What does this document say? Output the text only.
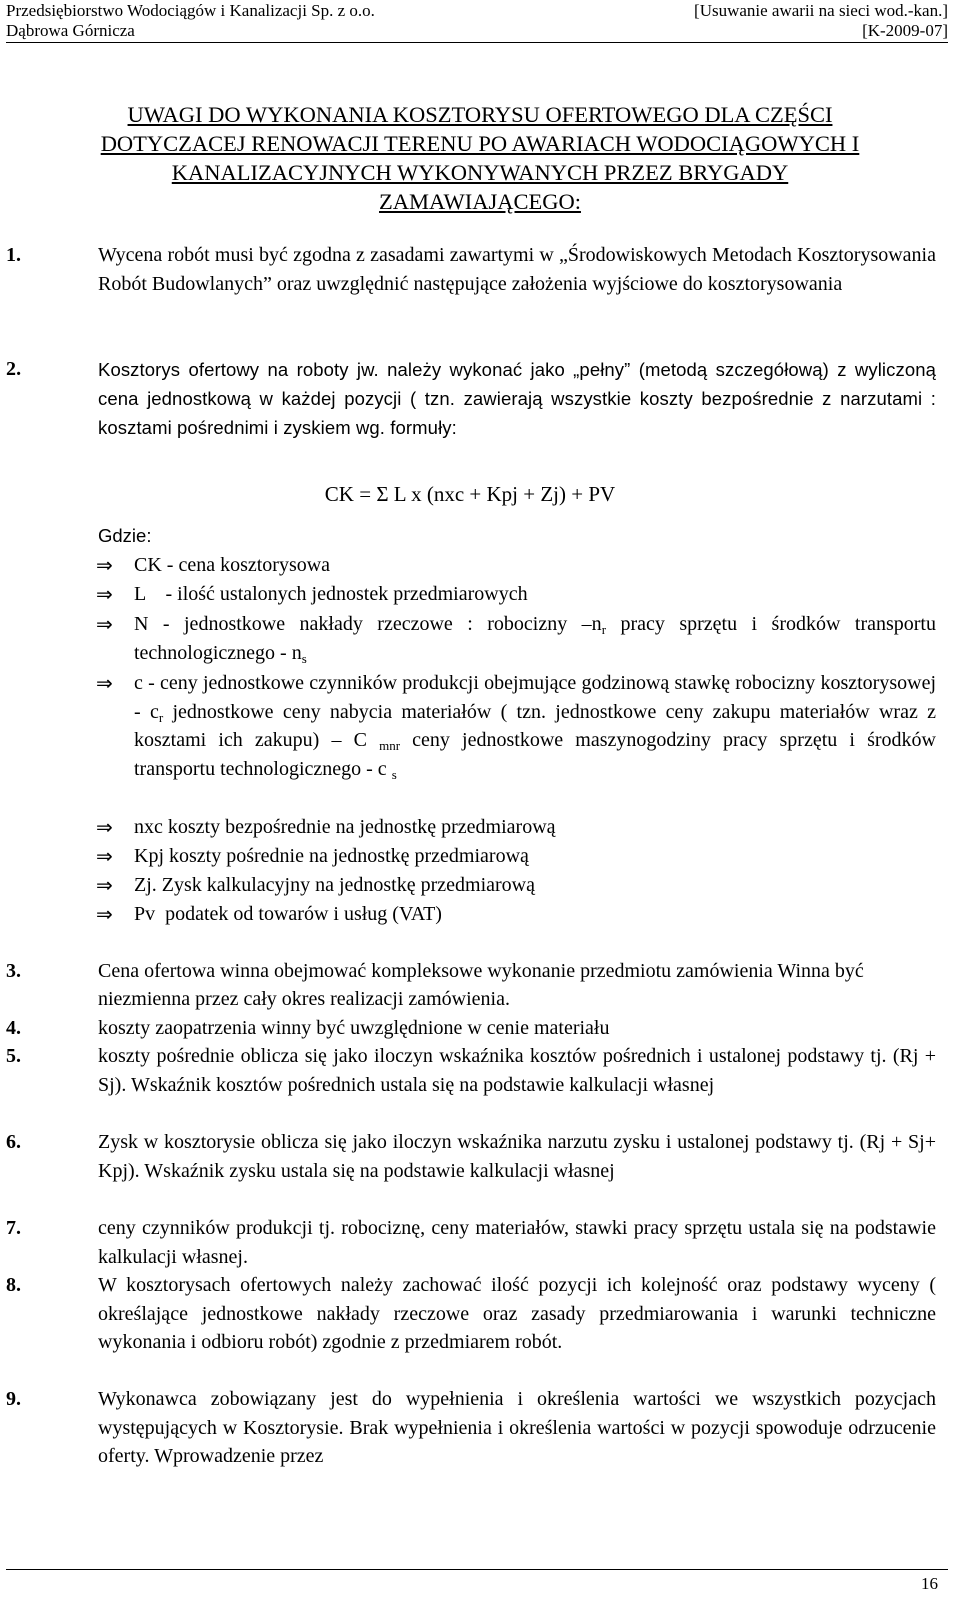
Przedsiębiorstwo Wodociągów i Kanalizacji Sp. z o.o.
Dąbrowa Górnicza
[Usuwanie awarii na sieci wod.-kan.]
[K-2009-07]
UWAGI DO WYKONANIA KOSZTORYSU OFERTOWEGO DLA CZĘŚCI
DOTYCZACEJ RENOWACJI TERENU PO AWARIACH WODOCIĄGOWYCH I
KANALIZACYJNYCH WYKONYWANYCH PRZEZ BRYGADY
ZAMAWIAJĄCEGO:
1.	Wycena robót musi być zgodna z zasadami zawartymi w „Środowiskowych Metodach Kosztorysowania Robót Budowlanych” oraz uwzględnić następujące założenia wyjściowe do kosztorysowania
2.	Kosztorys ofertowy na roboty jw. należy wykonać jako „pełny” (metodą szczegółową) z wyliczoną cena jednostkową w każdej pozycji ( tzn. zawierają wszystkie koszty bezpośrednie z narzutami : kosztami pośrednimi i zyskiem wg. formuły:
CK = Σ L x (nxc + Kpj + Zj) + PV
Gdzie:
⇒ CK - cena kosztorysowa
⇒ L    - ilość ustalonych jednostek przedmiarowych
⇒ N - jednostkowe nakłady rzeczowe : robocizny $-n_r$ pracy sprzętu i środków transportu technologicznego - $n_s$
⇒ c - ceny jednostkowe czynników produkcji obejmujące godzinową stawkę robocizny kosztorysowej - $c_r$ jednostkowe ceny nabycia materiałów ( tzn. jednostkowe ceny zakupu materiałów wraz z kosztami ich zakupu) – C $_{mnr}$ ceny jednostkowe maszynogodziny pracy sprzętu i środków transportu technologicznego - c $_s$
⇒ nxc koszty bezpośrednie na jednostkę przedmiarową
⇒ Kpj koszty pośrednie na jednostkę przedmiarową
⇒ Zj. Zysk kalkulacyjny na jednostkę przedmiarową
⇒ Pv  podatek od towarów i usług (VAT)
3.	Cena ofertowa winna obejmować kompleksowe wykonanie przedmiotu zamówienia Winna być niezmienna przez cały okres realizacji zamówienia.
4.	koszty zaopatrzenia winny być uwzględnione w cenie materiału
5.	koszty pośrednie oblicza się jako iloczyn wskaźnika kosztów pośrednich i ustalonej podstawy tj. (Rj + Sj). Wskaźnik kosztów pośrednich ustala się na podstawie kalkulacji własnej
6.	Zysk w kosztorysie oblicza się jako iloczyn wskaźnika narzutu zysku i ustalonej podstawy tj. (Rj + Sj+ Kpj). Wskaźnik zysku ustala się na podstawie kalkulacji własnej
7.	ceny czynników produkcji tj. robociznę, ceny materiałów, stawki pracy sprzętu ustala się na podstawie kalkulacji własnej.
8.	W kosztorysach ofertowych należy zachować ilość pozycji ich kolejność oraz podstawy wyceny ( określające jednostkowe nakłady rzeczowe oraz zasady przedmiarowania i warunki techniczne wykonania i odbioru robót) zgodnie z przedmiarem robót.
9.	Wykonawca zobowiązany jest do wypełnienia i określenia wartości we wszystkich pozycjach występujących w Kosztorysie. Brak wypełnienia i określenia wartości w pozycji spowoduje odrzucenie oferty. Wprowadzenie przez
16
